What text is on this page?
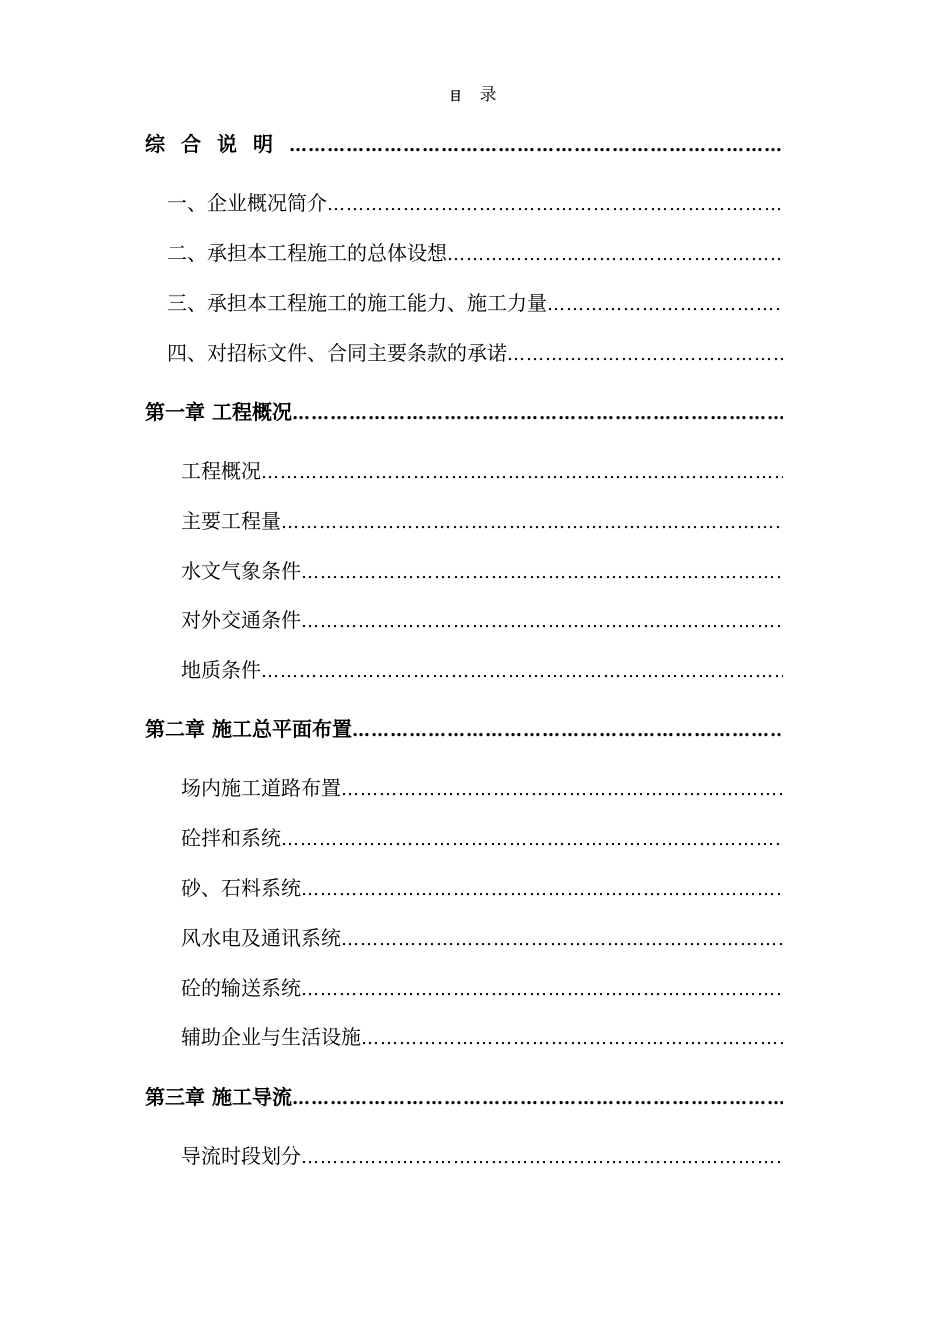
目 录
综合说明
……………………………………………………………………………………………………………………………………………………………………
一、企业概况简介
……………………………………………………………………………………………………………………………………………………………………
二、承担本工程施工的总体设想
……………………………………………………………………………………………………………………………………………………………………
三、承担本工程施工的施工能力、施工力量
……………………………………………………………………………………………………………………………………………………………………
四、对招标文件、合同主要条款的承诺
……………………………………………………………………………………………………………………………………………………………………
第一章 工程概况
……………………………………………………………………………………………………………………………………………………………………
工程概况
……………………………………………………………………………………………………………………………………………………………………
主要工程量
……………………………………………………………………………………………………………………………………………………………………
水文气象条件
……………………………………………………………………………………………………………………………………………………………………
对外交通条件
……………………………………………………………………………………………………………………………………………………………………
地质条件
……………………………………………………………………………………………………………………………………………………………………
第二章 施工总平面布置
……………………………………………………………………………………………………………………………………………………………………
场内施工道路布置
……………………………………………………………………………………………………………………………………………………………………
砼拌和系统
……………………………………………………………………………………………………………………………………………………………………
砂、石料系统
……………………………………………………………………………………………………………………………………………………………………
风水电及通讯系统
……………………………………………………………………………………………………………………………………………………………………
砼的输送系统
……………………………………………………………………………………………………………………………………………………………………
辅助企业与生活设施
……………………………………………………………………………………………………………………………………………………………………
第三章 施工导流
……………………………………………………………………………………………………………………………………………………………………
导流时段划分
……………………………………………………………………………………………………………………………………………………………………
